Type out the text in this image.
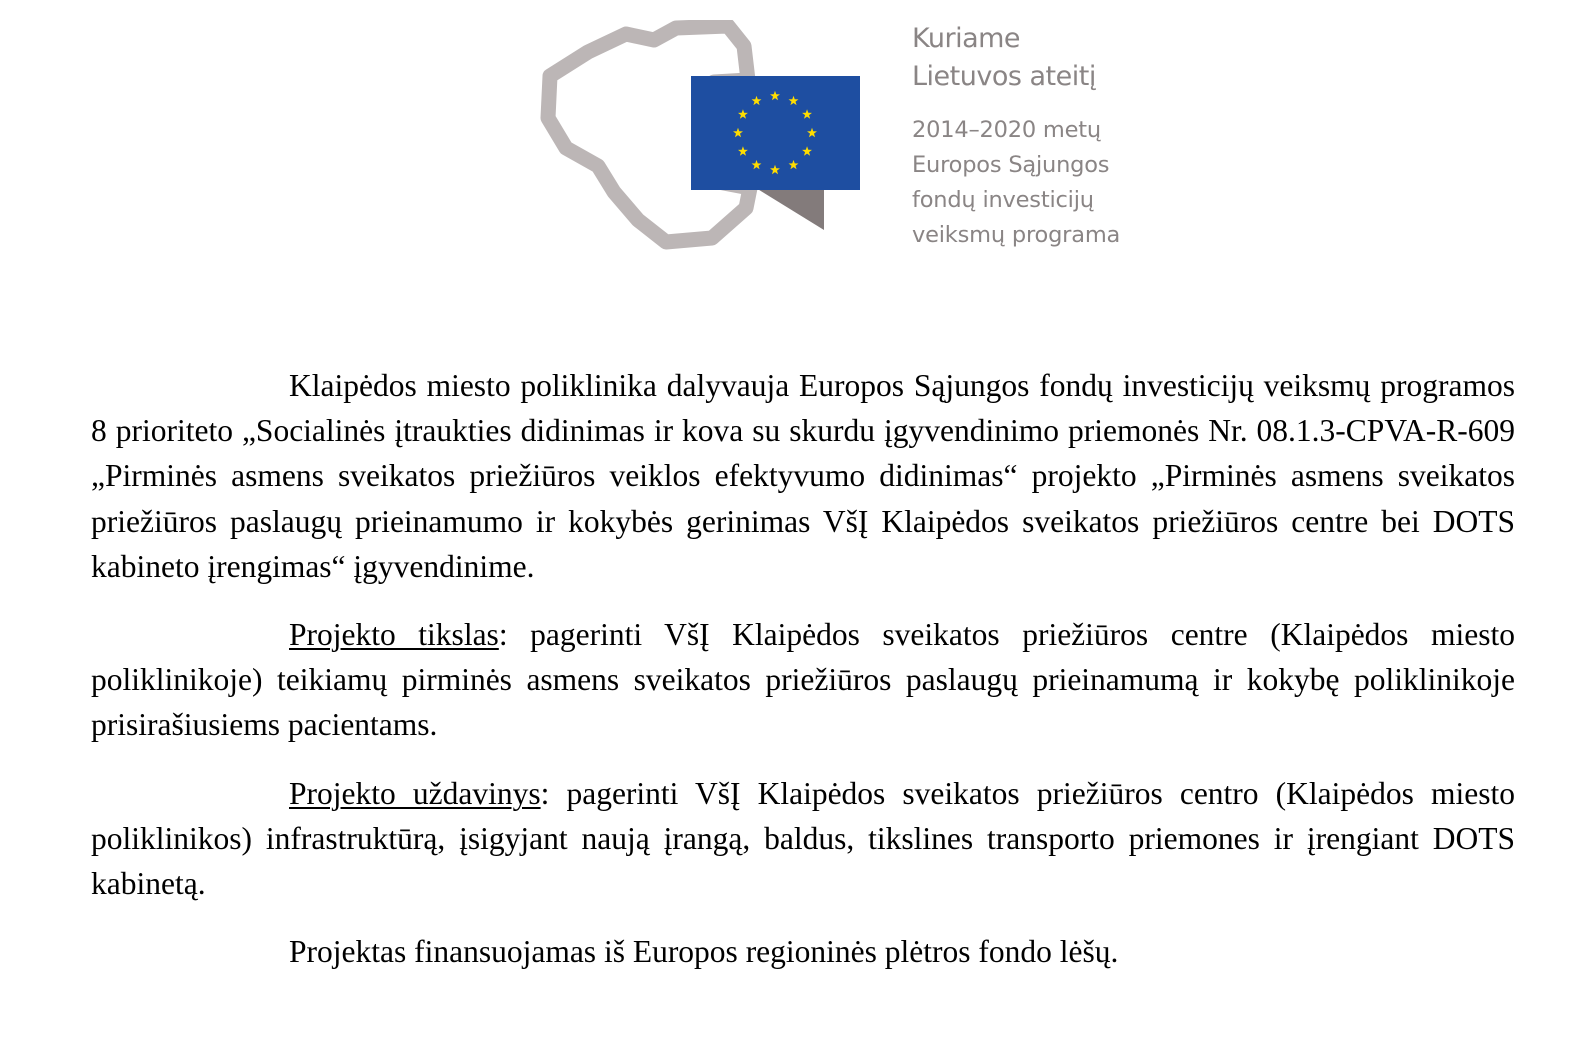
Kuriame
Lietuvos ateitį
2014–2020 metų
Europos Sąjungos
fondų investicijų
veiksmų programa

Klaipėdos miesto poliklinika dalyvauja Europos Sąjungos fondų investicijų veiksmų programos 8 prioriteto „Socialinės įtraukties didinimas ir kova su skurdu įgyvendinimo priemonės Nr. 08.1.3-CPVA-R-609 „Pirminės asmens sveikatos priežiūros veiklos efektyvumo didinimas“ projekto „Pirminės asmens sveikatos priežiūros paslaugų prieinamumo ir kokybės gerinimas VšĮ Klaipėdos sveikatos priežiūros centre bei DOTS kabineto įrengimas“ įgyvendinime.

Projekto tikslas: pagerinti VšĮ Klaipėdos sveikatos priežiūros centre (Klaipėdos miesto poliklinikoje) teikiamų pirminės asmens sveikatos priežiūros paslaugų prieinamumą ir kokybę poliklinikoje prisirašiusiems pacientams.

Projekto uždavinys: pagerinti VšĮ Klaipėdos sveikatos priežiūros centro (Klaipėdos miesto poliklinikos) infrastruktūrą, įsigyjant naują įrangą, baldus, tikslines transporto priemones ir įrengiant DOTS kabinetą.

Projektas finansuojamas iš Europos regioninės plėtros fondo lėšų.
